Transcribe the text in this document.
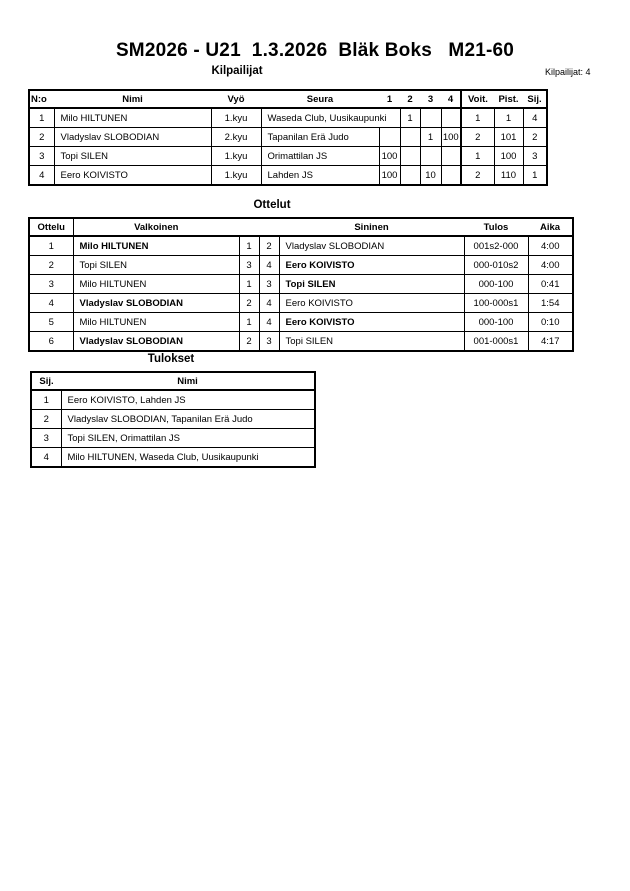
SM2026 - U21  1.3.2026  Bläk Boks   M21-60
Kilpailijat	Kilpailijat: 4
N:o	Nimi	Vyö	Seura	1	2	3	4	Voit.	Pist.	Sij.
1	Milo HILTUNEN	1.kyu	Waseda Club, Uusikaupunki		1			1	1	4
2	Vladyslav SLOBODIAN	2.kyu	Tapanilan Erä Judo			1	100	2	101	2
3	Topi SILEN	1.kyu	Orimattilan JS	100				1	100	3
4	Eero KOIVISTO	1.kyu	Lahden JS	100		10		2	110	1
Ottelut
Ottelu	Valkoinen			Sininen	Tulos	Aika
1	Milo HILTUNEN	1	2	Vladyslav SLOBODIAN	001s2-000	4:00
2	Topi SILEN	3	4	Eero KOIVISTO	000-010s2	4:00
3	Milo HILTUNEN	1	3	Topi SILEN	000-100	0:41
4	Vladyslav SLOBODIAN	2	4	Eero KOIVISTO	100-000s1	1:54
5	Milo HILTUNEN	1	4	Eero KOIVISTO	000-100	0:10
6	Vladyslav SLOBODIAN	2	3	Topi SILEN	001-000s1	4:17
Tulokset
Sij.	Nimi
1	Eero KOIVISTO, Lahden JS
2	Vladyslav SLOBODIAN, Tapanilan Erä Judo
3	Topi SILEN, Orimattilan JS
4	Milo HILTUNEN, Waseda Club, Uusikaupunki
